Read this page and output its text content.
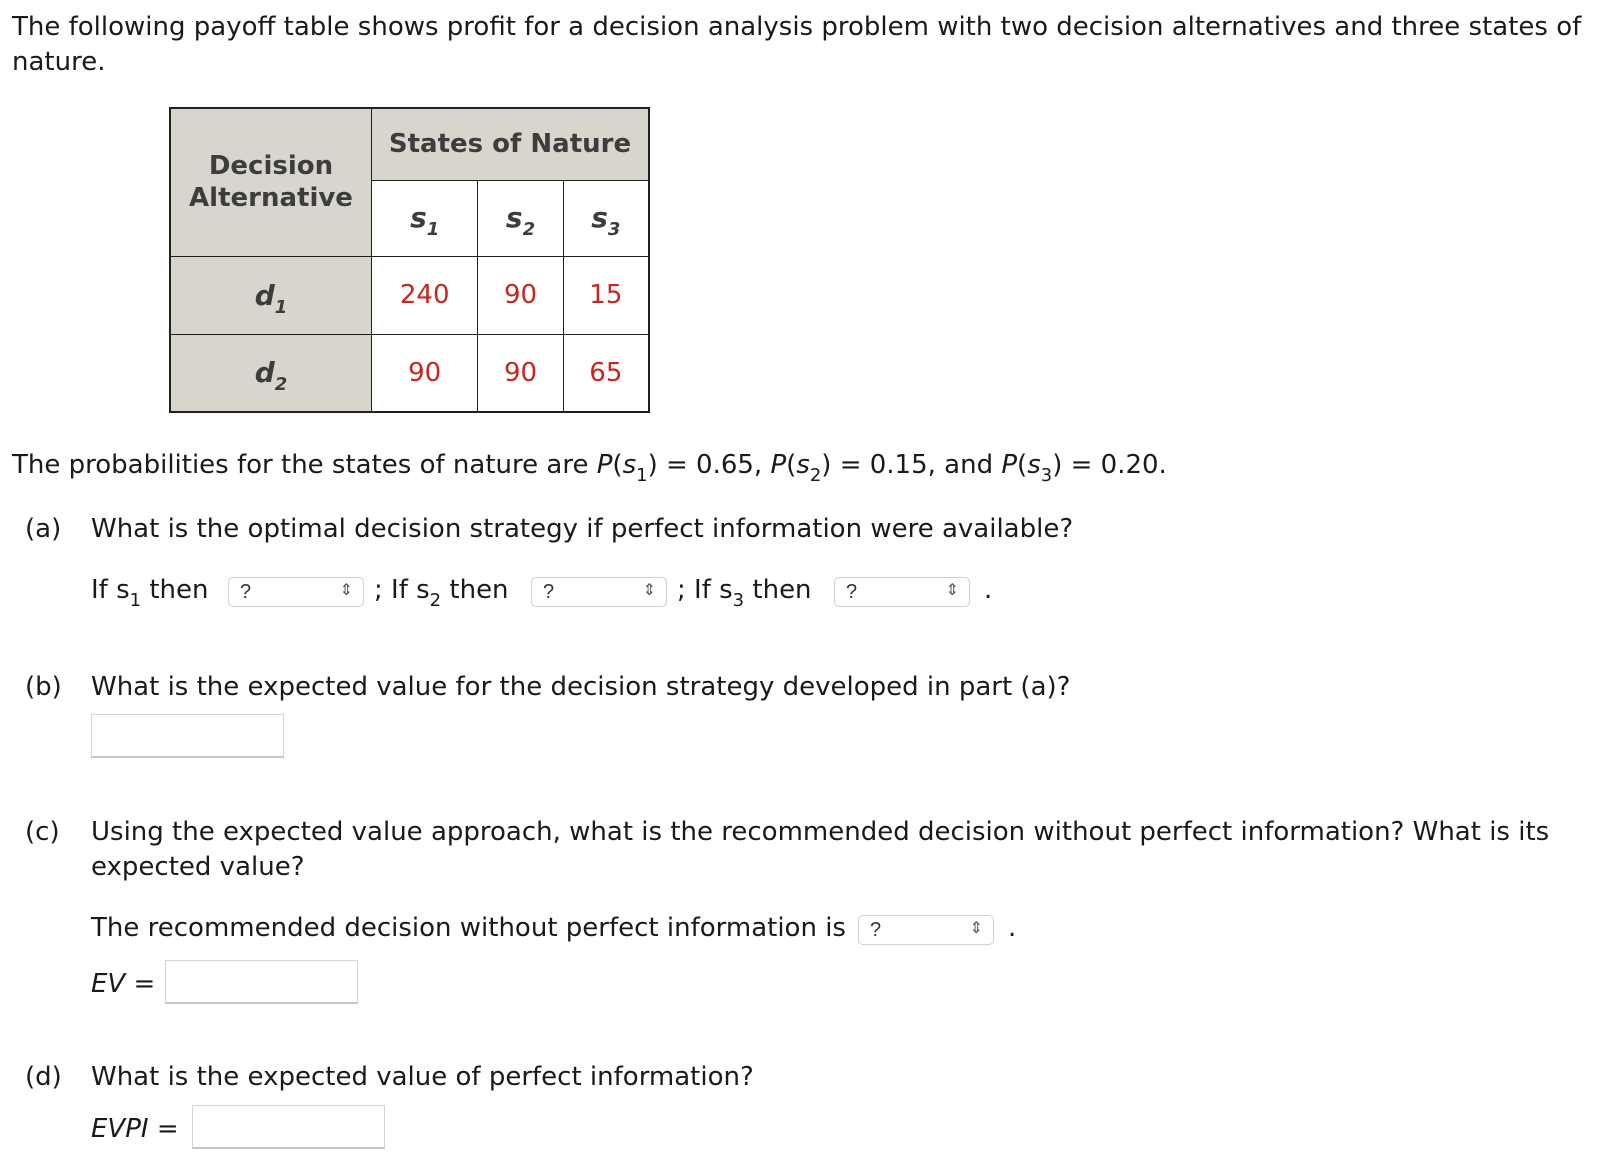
The following payoff table shows profit for a decision analysis problem with two decision alternatives and three states of
nature.
Decision
Alternative	States of Nature		
	$s_1$	$s_2$	$s_3$
$d_1$	240	90	15
$d_2$	90	90	65
The probabilities for the states of nature are $P(s_1) = 0.65$, $P(s_2) = 0.15$, and $P(s_3) = 0.20$.
(a) What is the optimal decision strategy if perfect information were available?
If $s_1$ then ?	⇕ ; If $s_2$ then ?	⇕ ; If $s_3$ then ?	⇕ .
(b) What is the expected value for the decision strategy developed in part (a)?
(c) Using the expected value approach, what is the recommended decision without perfect information? What is its
expected value?
The recommended decision without perfect information is ?	⇕ .
EV =
(d) What is the expected value of perfect information?
EVPI =
